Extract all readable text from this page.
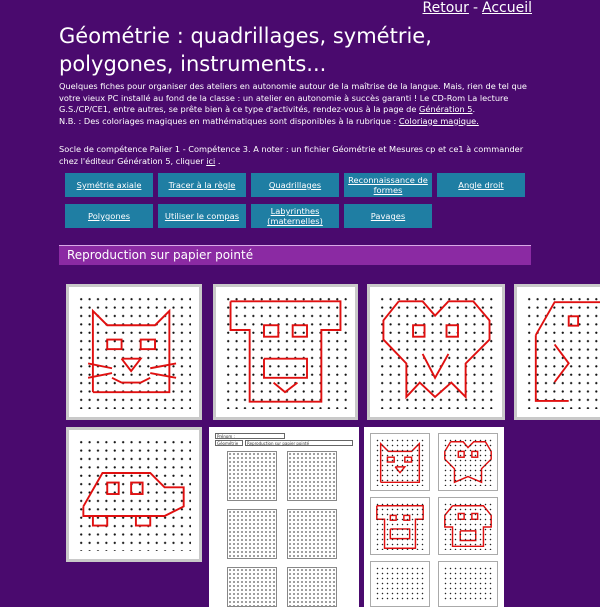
Retour - Accueil
Géométrie : quadrillages, symétrie, polygones, instruments...
Quelques fiches pour organiser des ateliers en autonomie autour de la maîtrise de la langue. Mais, rien de tel que votre vieux PC installé au fond de la classe : un atelier en autonomie à succès garanti ! Le CD-Rom La lecture G.S./CP/CE1, entre autres, se prête bien à ce type d'activités, rendez-vous à la page de Génération 5.
N.B. : Des coloriages magiques en mathématiques sont disponibles à la rubrique : Coloriage magique.
Socle de compétence Palier 1 - Compétence 3. A noter : un fichier Géométrie et Mesures cp et ce1 à commander chez l'éditeur Génération 5, cliquer ici .
Symétrie axiale	Tracer à la règle	Quadrillages	Reconnaissance de formes	Angle droit
Polygones	Utiliser le compas	Labyrinthes (maternelles)	Pavages
Reproduction sur papier pointé
Prénom :
Géométrie	Reproduction sur papier pointé
